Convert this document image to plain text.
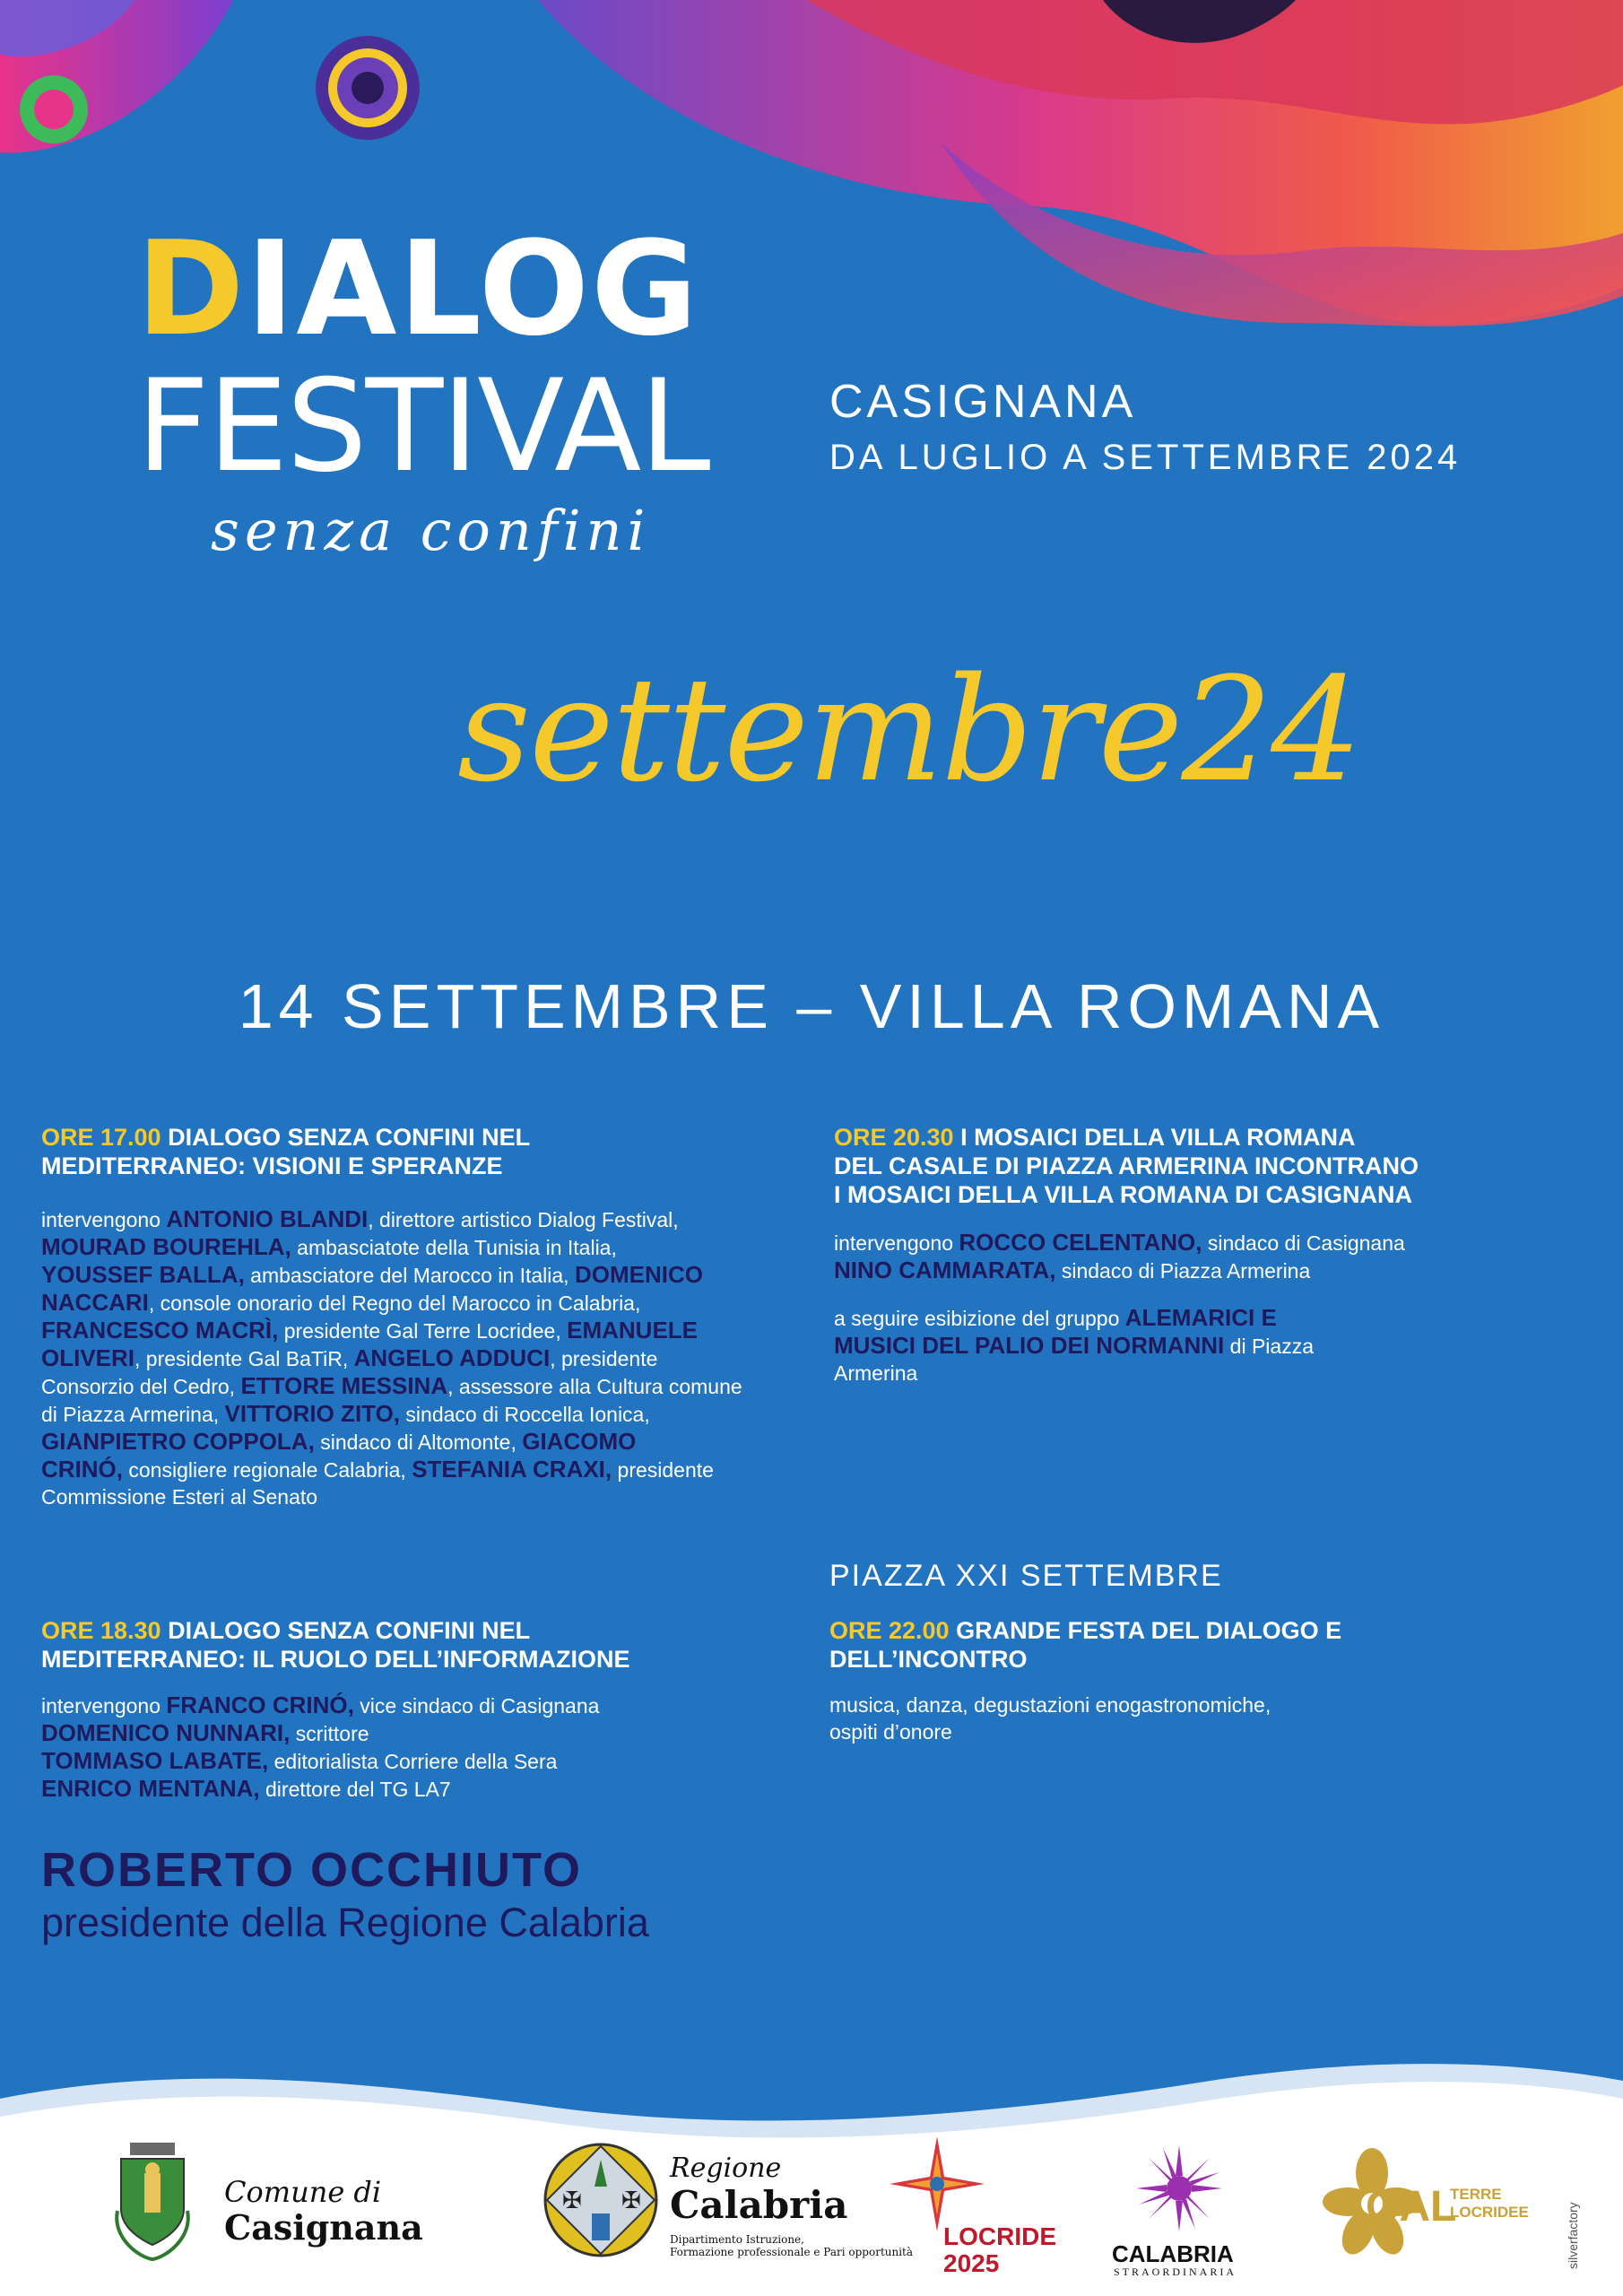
DIALOG
FESTIVAL
senza confini
CASIGNANA
DA LUGLIO A SETTEMBRE 2024
settembre24
14 SETTEMBRE – VILLA ROMANA
ORE 17.00 DIALOGO SENZA CONFINI NEL
MEDITERRANEO: VISIONI E SPERANZE
intervengono ANTONIO BLANDI, direttore artistico Dialog Festival,
MOURAD BOUREHLA, ambasciatote della Tunisia in Italia,
YOUSSEF BALLA, ambasciatore del Marocco in Italia, DOMENICO
NACCARI, console onorario del Regno del Marocco in Calabria,
FRANCESCO MACRÌ, presidente Gal Terre Locridee, EMANUELE
OLIVERI, presidente Gal BaTiR, ANGELO ADDUCI, presidente
Consorzio del Cedro, ETTORE MESSINA, assessore alla Cultura comune
di Piazza Armerina, VITTORIO ZITO, sindaco di Roccella Ionica,
GIANPIETRO COPPOLA, sindaco di Altomonte, GIACOMO
CRINÓ, consigliere regionale Calabria, STEFANIA CRAXI, presidente
Commissione Esteri al Senato
ORE 20.30 I MOSAICI DELLA VILLA ROMANA
DEL CASALE DI PIAZZA ARMERINA INCONTRANO
I MOSAICI DELLA VILLA ROMANA DI CASIGNANA
intervengono ROCCO CELENTANO, sindaco di Casignana
NINO CAMMARATA, sindaco di Piazza Armerina
a seguire esibizione del gruppo ALEMARICI E
MUSICI DEL PALIO DEI NORMANNI di Piazza
Armerina
ORE 18.30 DIALOGO SENZA CONFINI NEL
MEDITERRANEO: IL RUOLO DELL’INFORMAZIONE
intervengono FRANCO CRINÓ, vice sindaco di Casignana
DOMENICO NUNNARI, scrittore
TOMMASO LABATE, editorialista Corriere della Sera
ENRICO MENTANA, direttore del TG LA7
PIAZZA XXI SETTEMBRE
ORE 22.00 GRANDE FESTA DEL DIALOGO E
DELL’INCONTRO
musica, danza, degustazioni enogastronomiche,
ospiti d’onore
ROBERTO OCCHIUTO
presidente della Regione Calabria
Comune di
Casignana
✠ ✠
Regione
Calabria
Dipartimento Istruzione,
Formazione professionale e Pari opportunità
LOCRIDE
2025	CALABRIA
STRAORDINARIA
GAL
TERRE
LOCRIDEE	silverfactory
